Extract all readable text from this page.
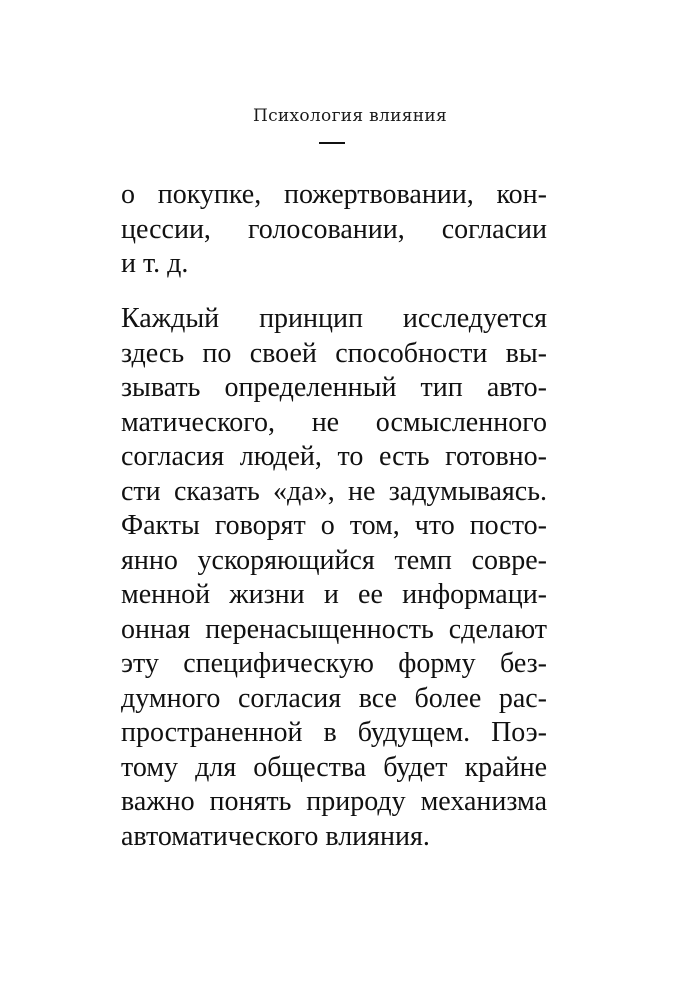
Психология влияния
о покупке, пожертвовании, кон-
цессии, голосовании, согласии
и т. д.
Каждый принцип исследуется
здесь по своей способности вы-
зывать определенный тип авто-
матического, не осмысленного
согласия людей, то есть готовно-
сти сказать «да», не задумываясь.
Факты говорят о том, что посто-
янно ускоряющийся темп совре-
менной жизни и ее информаци-
онная перенасыщенность сделают
эту специфическую форму без-
думного согласия все более рас-
пространенной в будущем. Поэ-
тому для общества будет крайне
важно понять природу механизма
автоматического влияния.
